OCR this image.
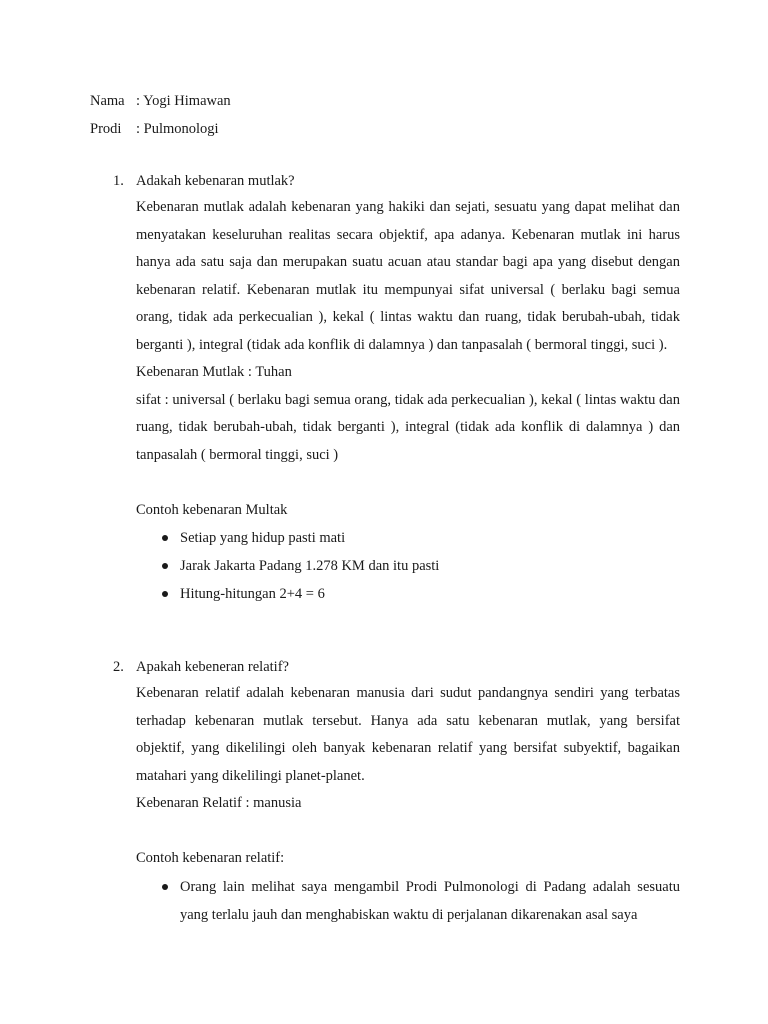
Nama : Yogi Himawan
Prodi : Pulmonologi
1. Adakah kebenaran mutlak?

Kebenaran mutlak adalah kebenaran yang hakiki dan sejati, sesuatu yang dapat melihat dan menyatakan keseluruhan realitas secara objektif, apa adanya. Kebenaran mutlak ini harus hanya ada satu saja dan merupakan suatu acuan atau standar bagi apa yang disebut dengan kebenaran relatif. Kebenaran mutlak itu mempunyai sifat universal ( berlaku bagi semua orang, tidak ada perkecualian ), kekal ( lintas waktu dan ruang, tidak berubah-ubah, tidak berganti ), integral (tidak ada konflik di dalamnya ) dan tanpasalah ( bermoral tinggi, suci ).

Kebenaran Mutlak : Tuhan

sifat : universal ( berlaku bagi semua orang, tidak ada perkecualian ), kekal ( lintas waktu dan ruang, tidak berubah-ubah, tidak berganti ), integral (tidak ada konflik di dalamnya ) dan tanpasalah ( bermoral tinggi, suci )

Contoh kebenaran Multak
Setiap yang hidup pasti mati
Jarak Jakarta Padang 1.278 KM dan itu pasti
Hitung-hitungan 2+4 = 6
2. Apakah kebeneran relatif?

Kebenaran relatif adalah kebenaran manusia dari sudut pandangnya sendiri yang terbatas terhadap kebenaran mutlak tersebut. Hanya ada satu kebenaran mutlak, yang bersifat objektif, yang dikelilingi oleh banyak kebenaran relatif yang bersifat subyektif, bagaikan matahari yang dikelilingi planet-planet.

Kebenaran Relatif : manusia
Contoh kebenaran relatif:
Orang lain melihat saya mengambil Prodi Pulmonologi di Padang adalah sesuatu yang terlalu jauh dan menghabiskan waktu di perjalanan dikarenakan asal saya
